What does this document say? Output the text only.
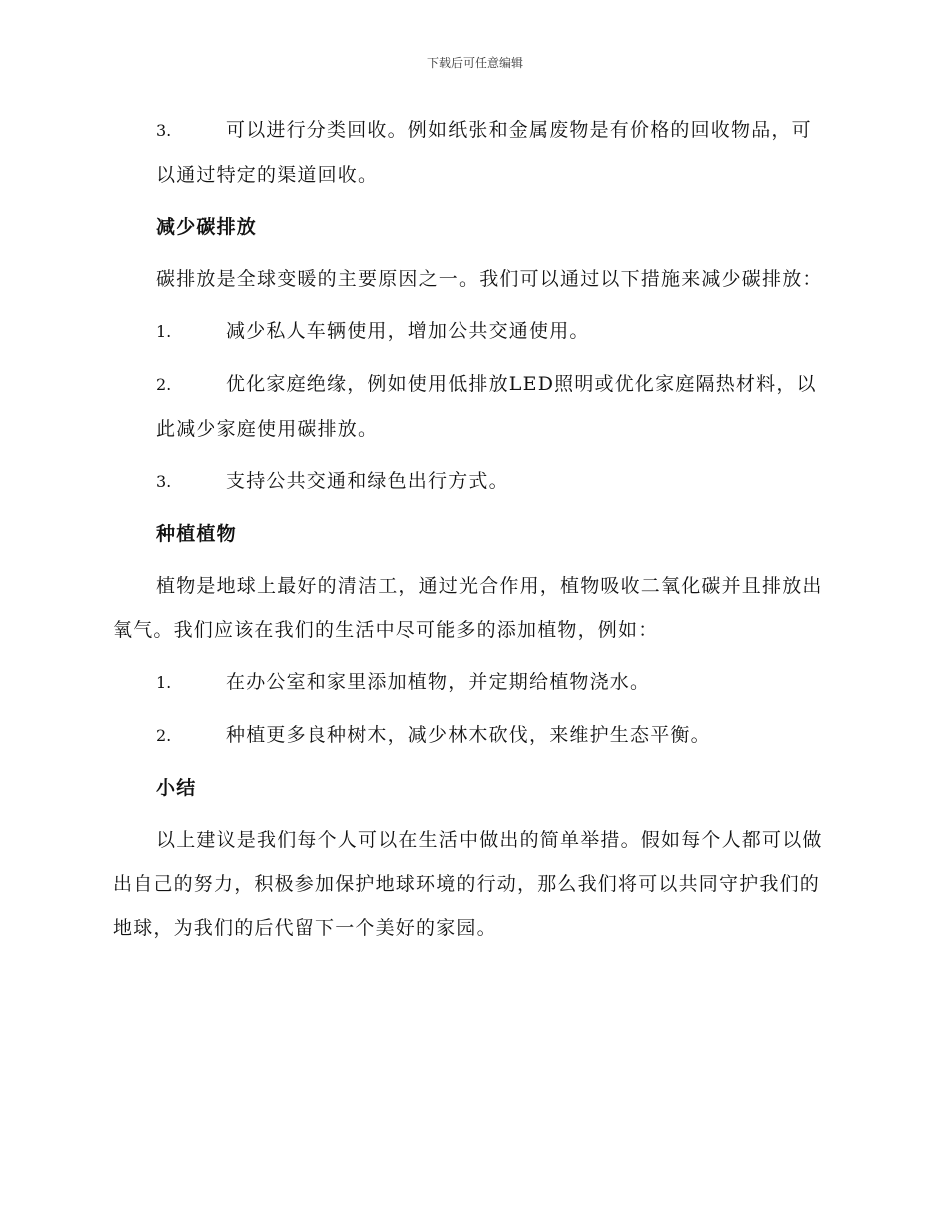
下载后可任意编辑

3.	可以进行分类回收。例如纸张和金属废物是有价格的回收物品，可以通过特定的渠道回收。

减少碳排放

碳排放是全球变暖的主要原因之一。我们可以通过以下措施来减少碳排放：

1.	减少私人车辆使用，增加公共交通使用。

2.	优化家庭绝缘，例如使用低排放LED照明或优化家庭隔热材料，以此减少家庭使用碳排放。

3.	支持公共交通和绿色出行方式。

种植植物

植物是地球上最好的清洁工，通过光合作用，植物吸收二氧化碳并且排放出氧气。我们应该在我们的生活中尽可能多的添加植物，例如：

1.	在办公室和家里添加植物，并定期给植物浇水。

2.	种植更多良种树木，减少林木砍伐，来维护生态平衡。

小结

以上建议是我们每个人可以在生活中做出的简单举措。假如每个人都可以做出自己的努力，积极参加保护地球环境的行动，那么我们将可以共同守护我们的地球，为我们的后代留下一个美好的家园。
